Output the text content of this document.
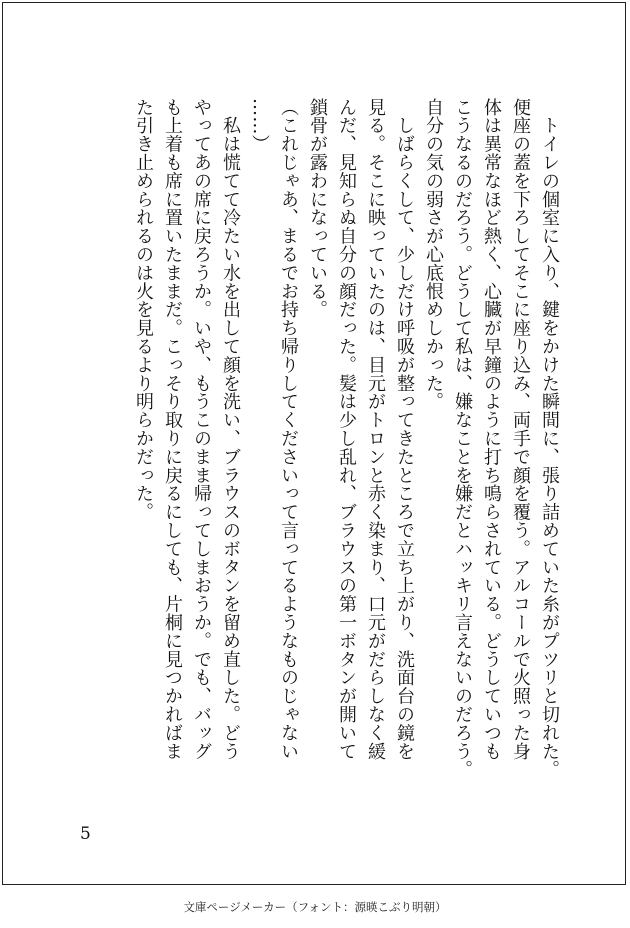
　トイレの個室に入り、鍵をかけた瞬間に、張り詰めていた糸がプツリと切れた。
便座の蓋を下ろしてそこに座り込み、両手で顔を覆う。アルコールで火照った身
体は異常なほど熱く、心臓が早鐘のように打ち鳴らされている。どうしていつも
こうなるのだろう。どうして私は、嫌なことを嫌だとハッキリ言えないのだろう。
自分の気の弱さが心底恨めしかった。
　しばらくして、少しだけ呼吸が整ってきたところで立ち上がり、洗面台の鏡を
見る。そこに映っていたのは、目元がトロンと赤く染まり、口元がだらしなく緩
んだ、見知らぬ自分の顔だった。髪は少し乱れ、ブラウスの第一ボタンが開いて
鎖骨が露わになっている。
（これじゃあ、まるでお持ち帰りしてくださいって言ってるようなものじゃない
……）
　私は慌てて冷たい水を出して顔を洗い、ブラウスのボタンを留め直した。どう
やってあの席に戻ろうか。いや、もうこのまま帰ってしまおうか。でも、バッグ
も上着も席に置いたままだ。こっそり取りに戻るにしても、片桐に見つかればま
た引き止められるのは火を見るより明らかだった。
5
文庫ページメーカー（フォント：源暎こぶり明朝）
